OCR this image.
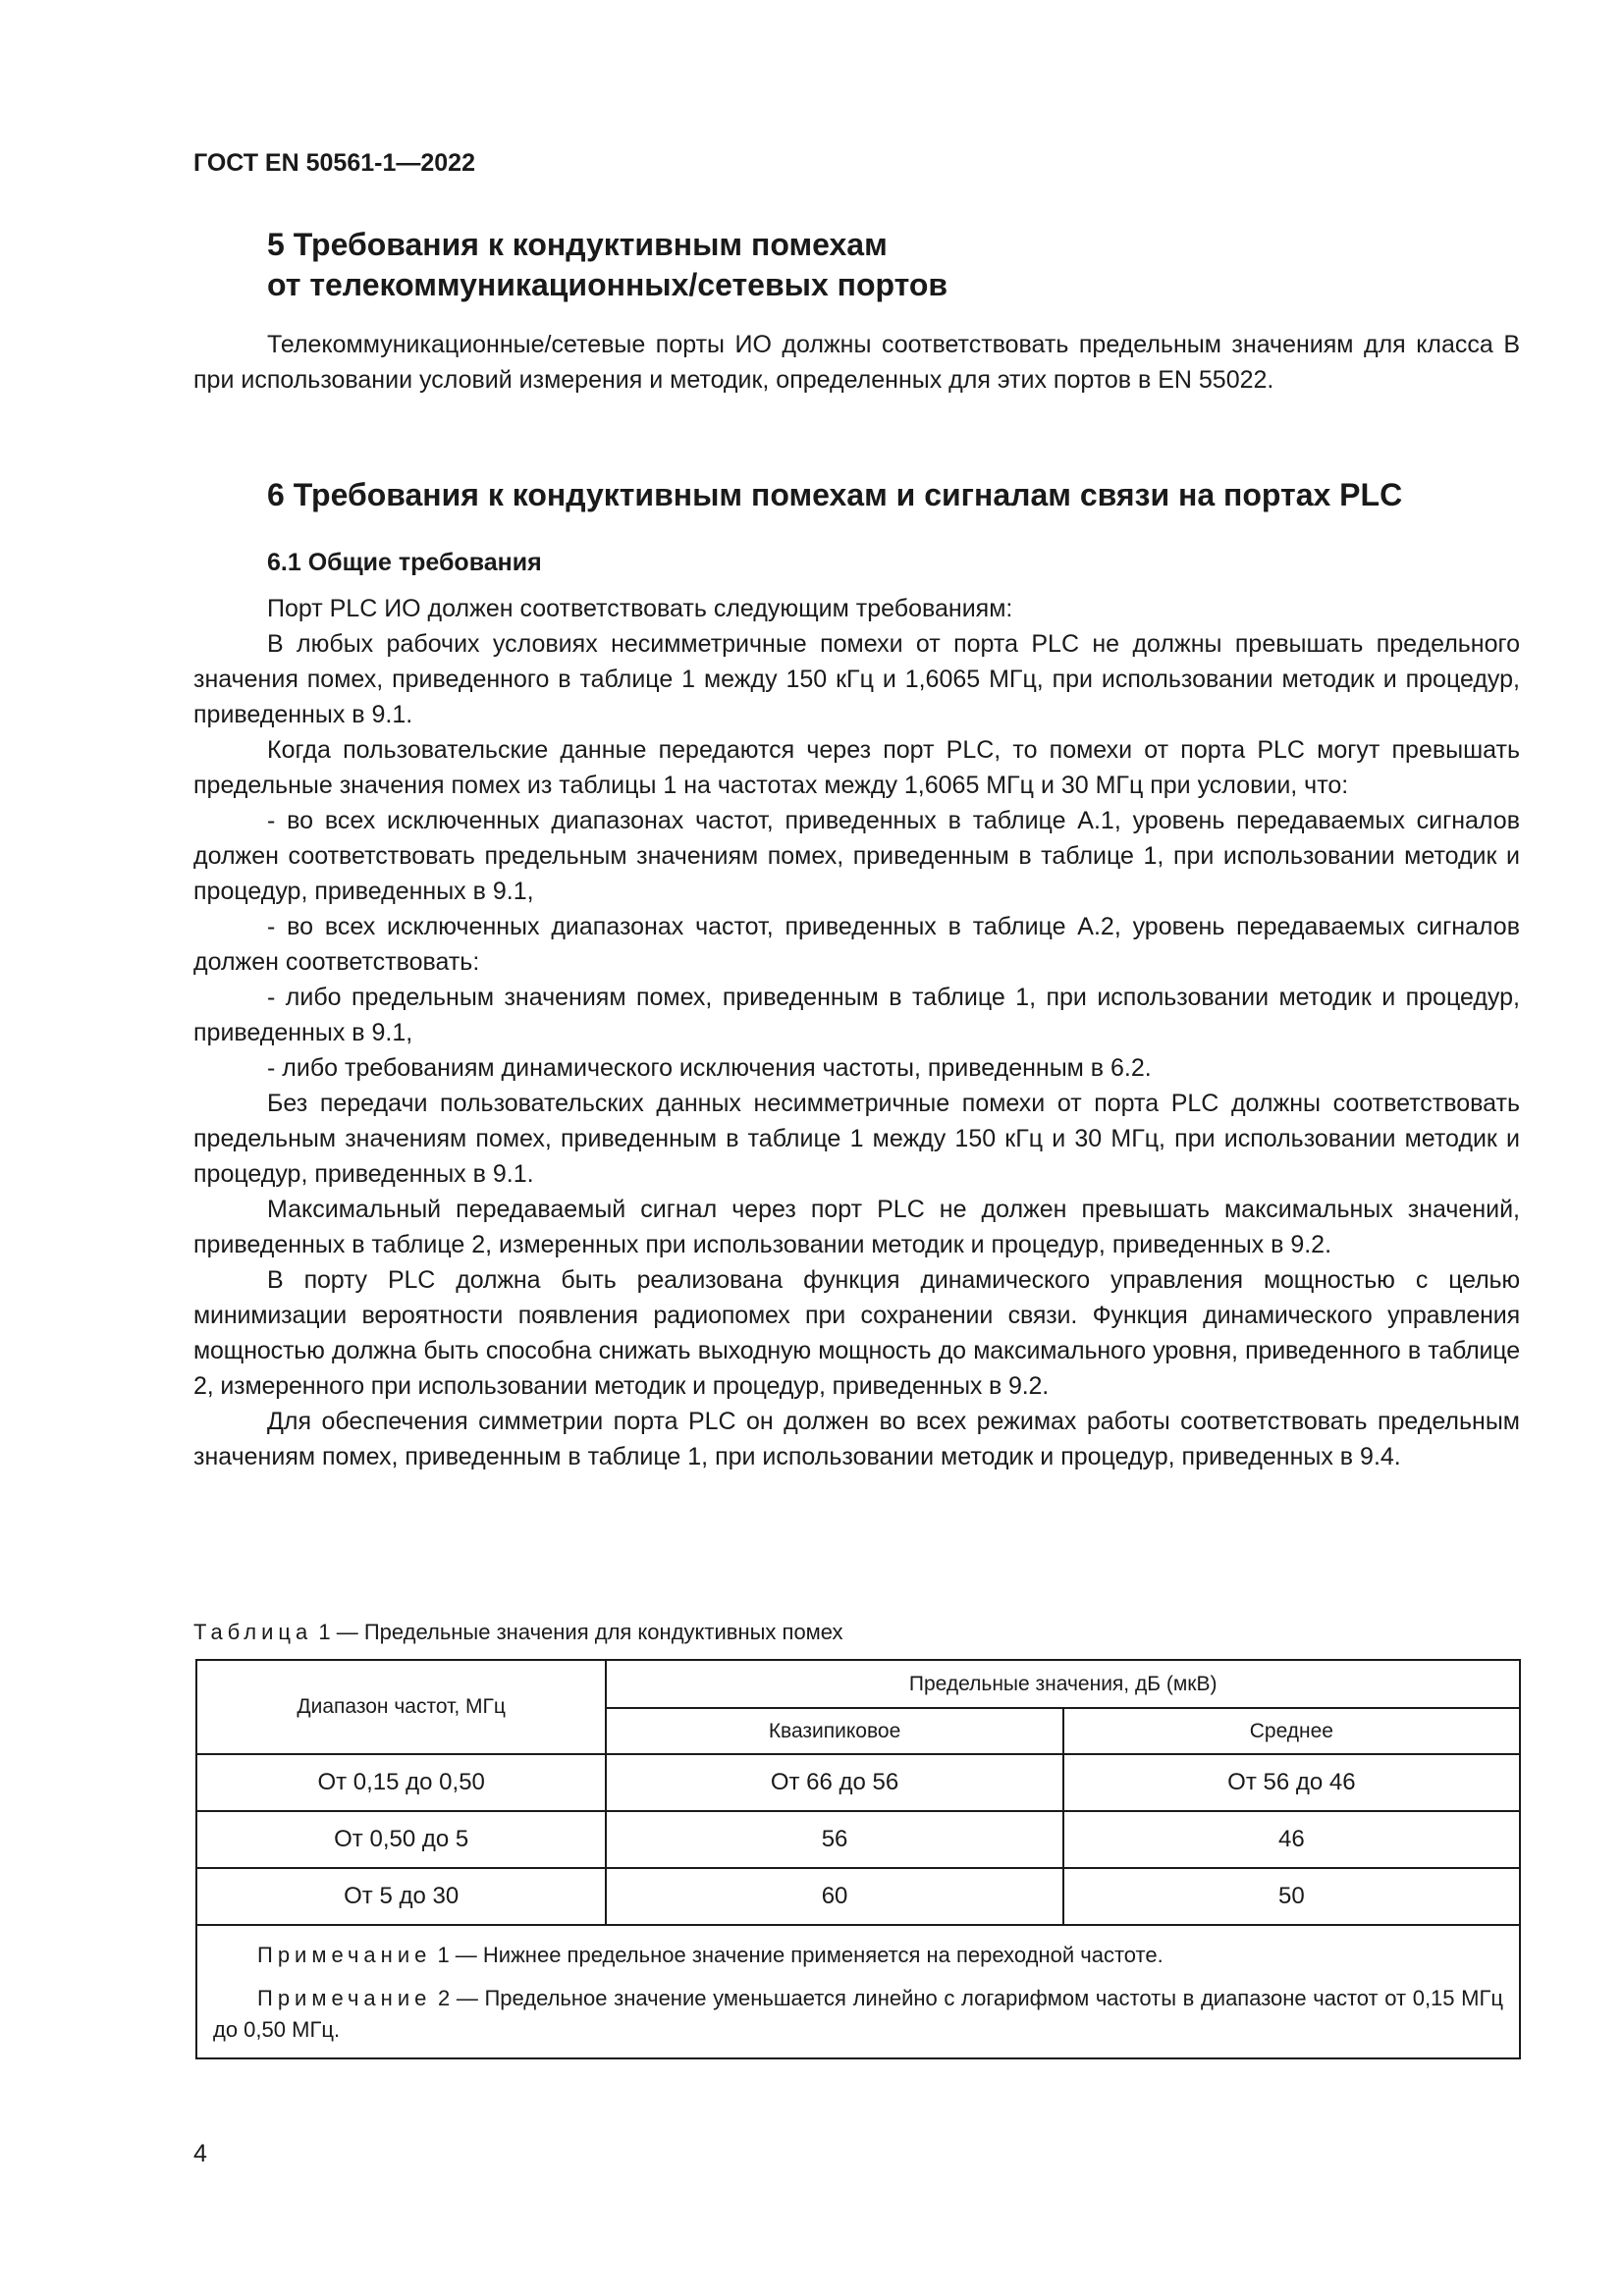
ГОСТ EN 50561-1—2022
5 Требования к кондуктивным помехам
от телекоммуникационных/сетевых портов

Телекоммуникационные/сетевые порты ИО должны соответствовать предельным значениям для класса В при использовании условий измерения и методик, определенных для этих портов в EN 55022.

6 Требования к кондуктивным помехам и сигналам связи на портах PLC
6.1 Общие требования

Порт PLC ИО должен соответствовать следующим требованиям:

В любых рабочих условиях несимметричные помехи от порта PLC не должны превышать предельного значения помех, приведенного в таблице 1 между 150 кГц и 1,6065 МГц, при использовании методик и процедур, приведенных в 9.1.

Когда пользовательские данные передаются через порт PLC, то помехи от порта PLC могут превышать предельные значения помех из таблицы 1 на частотах между 1,6065 МГц и 30 МГц при условии, что:

- во всех исключенных диапазонах частот, приведенных в таблице А.1, уровень передаваемых сигналов должен соответствовать предельным значениям помех, приведенным в таблице 1, при использовании методик и процедур, приведенных в 9.1,

- во всех исключенных диапазонах частот, приведенных в таблице А.2, уровень передаваемых сигналов должен соответствовать:

- либо предельным значениям помех, приведенным в таблице 1, при использовании методик и процедур, приведенных в 9.1,

- либо требованиям динамического исключения частоты, приведенным в 6.2.

Без передачи пользовательских данных несимметричные помехи от порта PLC должны соответствовать предельным значениям помех, приведенным в таблице 1 между 150 кГц и 30 МГц, при использовании методик и процедур, приведенных в 9.1.

Максимальный передаваемый сигнал через порт PLC не должен превышать максимальных значений, приведенных в таблице 2, измеренных при использовании методик и процедур, приведенных в 9.2.

В порту PLC должна быть реализована функция динамического управления мощностью с целью минимизации вероятности появления радиопомех при сохранении связи. Функция динамического управления мощностью должна быть способна снижать выходную мощность до максимального уровня, приведенного в таблице 2, измеренного при использовании методик и процедур, приведенных в 9.2.

Для обеспечения симметрии порта PLC он должен во всех режимах работы соответствовать предельным значениям помех, приведенным в таблице 1, при использовании методик и процедур, приведенных в 9.4.

Таблица 1 — Предельные значения для кондуктивных помех
Диапазон частот, МГц	Предельные значения, дБ (мкВ)	
	Квазипиковое	Среднее
От 0,15 до 0,50	От 66 до 56	От 56 до 46
От 0,50 до 5	56	46
От 5 до 30	60	50

Примечание 1 — Нижнее предельное значение применяется на переходной частоте.

Примечание 2 — Предельное значение уменьшается линейно с логарифмом частоты в диапазоне частот от 0,15 МГц до 0,50 МГц.		

4
